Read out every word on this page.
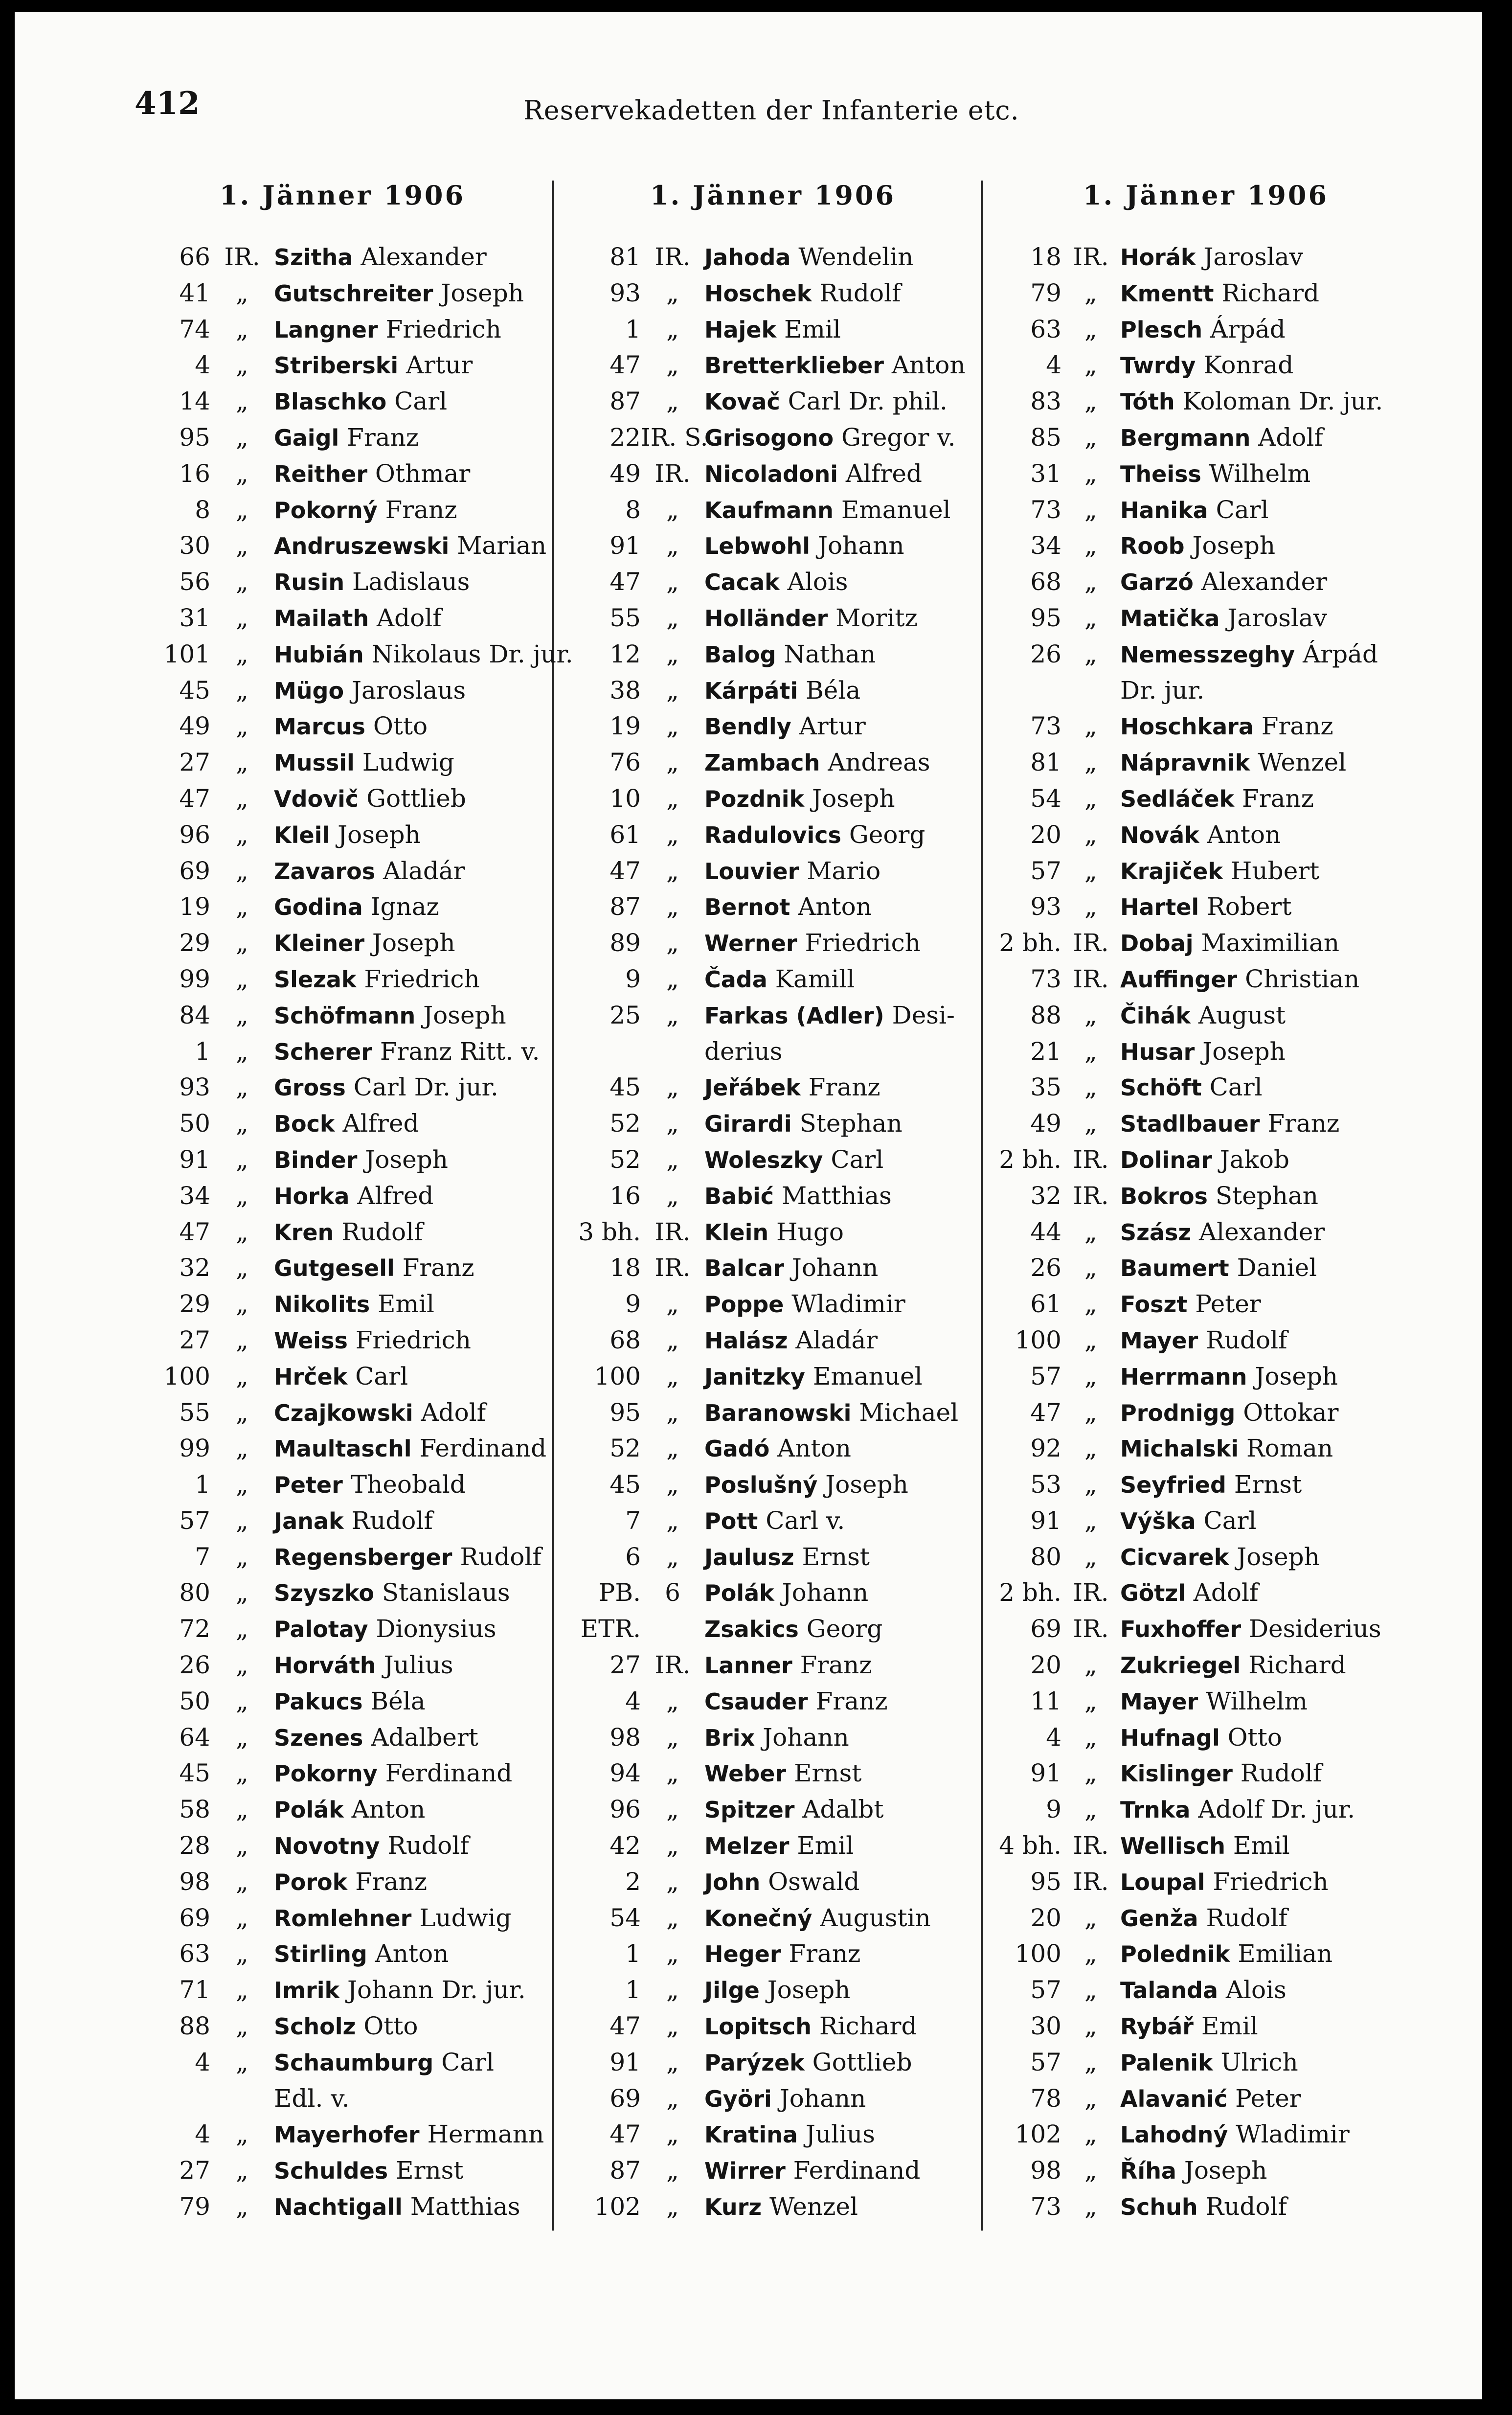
412	Reservekadetten der Infanterie etc.
1. Jänner 1906
66 IR. Szitha Alexander
41 „ Gutschreiter Joseph
74 „ Langner Friedrich
4 „ Striberski Artur
14 „ Blaschko Carl
95 „ Gaigl Franz
16 „ Reither Othmar
8 „ Pokorný Franz
30 „ Andruszewski Marian
56 „ Rusin Ladislaus
31 „ Mailath Adolf
101 „ Hubián Nikolaus Dr. jur.
45 „ Mügo Jaroslaus
49 „ Marcus Otto
27 „ Mussil Ludwig
47 „ Vdovič Gottlieb
96 „ Kleil Joseph
69 „ Zavaros Aladár
19 „ Godina Ignaz
29 „ Kleiner Joseph
99 „ Slezak Friedrich
84 „ Schöfmann Joseph
1 „ Scherer Franz Ritt. v.
93 „ Gross Carl Dr. jur.
50 „ Bock Alfred
91 „ Binder Joseph
34 „ Horka Alfred
47 „ Kren Rudolf
32 „ Gutgesell Franz
29 „ Nikolits Emil
27 „ Weiss Friedrich
100 „ Hrček Carl
55 „ Czajkowski Adolf
99 „ Maultaschl Ferdinand
1 „ Peter Theobald
57 „ Janak Rudolf
7 „ Regensberger Rudolf
80 „ Szyszko Stanislaus
72 „ Palotay Dionysius
26 „ Horváth Julius
50 „ Pakucs Béla
64 „ Szenes Adalbert
45 „ Pokorny Ferdinand
58 „ Polák Anton
28 „ Novotny Rudolf
98 „ Porok Franz
69 „ Romlehner Ludwig
63 „ Stirling Anton
71 „ Imrik Johann Dr. jur.
88 „ Scholz Otto
4 „ Schaumburg Carl
Edl. v.
4 „ Mayerhofer Hermann
27 „ Schuldes Ernst
79 „ Nachtigall Matthias
1. Jänner 1906
81 IR. Jahoda Wendelin
93 „ Hoschek Rudolf
1 „ Hajek Emil
47 „ Bretterklieber Anton
87 „ Kovač Carl Dr. phil.
22IR. S.Grisogono Gregor v.
49 IR. Nicoladoni Alfred
8 „ Kaufmann Emanuel
91 „ Lebwohl Johann
47 „ Cacak Alois
55 „ Holländer Moritz
12 „ Balog Nathan
38 „ Kárpáti Béla
19 „ Bendly Artur
76 „ Zambach Andreas
10 „ Pozdnik Joseph
61 „ Radulovics Georg
47 „ Louvier Mario
87 „ Bernot Anton
89 „ Werner Friedrich
9 „ Čada Kamill
25 „ Farkas (Adler) Desi-
derius
45 „ Jeřábek Franz
52 „ Girardi Stephan
52 „ Woleszky Carl
16 „ Babić Matthias
3 bh. IR. Klein Hugo
18 IR. Balcar Johann
9 „ Poppe Wladimir
68 „ Halász Aladár
100 „ Janitzky Emanuel
95 „ Baranowski Michael
52 „ Gadó Anton
45 „ Poslušný Joseph
7 „ Pott Carl v.
6 „ Jaulusz Ernst
PB. 6 Polák Johann
ETR.	Zsakics Georg
27 IR. Lanner Franz
4 „ Csauder Franz
98 „ Brix Johann
94 „ Weber Ernst
96 „ Spitzer Adalbt
42 „ Melzer Emil
2 „ John Oswald
54 „ Konečný Augustin
1 „ Heger Franz
1 „ Jilge Joseph
47 „ Lopitsch Richard
91 „ Parýzek Gottlieb
69 „ Györi Johann
47 „ Kratina Julius
87 „ Wirrer Ferdinand
102 „ Kurz Wenzel
1. Jänner 1906
18 IR. Horák Jaroslav
79 „ Kmentt Richard
63 „ Plesch Árpád
4 „ Twrdy Konrad
83 „ Tóth Koloman Dr. jur.
85 „ Bergmann Adolf
31 „ Theiss Wilhelm
73 „ Hanika Carl
34 „ Roob Joseph
68 „ Garzó Alexander
95 „ Matička Jaroslav
26 „ Nemesszeghy Árpád
Dr. jur.
73 „ Hoschkara Franz
81 „ Nápravnik Wenzel
54 „ Sedláček Franz
20 „ Novák Anton
57 „ Krajiček Hubert
93 „ Hartel Robert
2 bh. IR. Dobaj Maximilian
73 IR. Auffinger Christian
88 „ Čihák August
21 „ Husar Joseph
35 „ Schöft Carl
49 „ Stadlbauer Franz
2 bh. IR. Dolinar Jakob
32 IR. Bokros Stephan
44 „ Szász Alexander
26 „ Baumert Daniel
61 „ Foszt Peter
100 „ Mayer Rudolf
57 „ Herrmann Joseph
47 „ Prodnigg Ottokar
92 „ Michalski Roman
53 „ Seyfried Ernst
91 „ Výška Carl
80 „ Cicvarek Joseph
2 bh. IR. Götzl Adolf
69 IR. Fuxhoffer Desiderius
20 „ Zukriegel Richard
11 „ Mayer Wilhelm
4 „ Hufnagl Otto
91 „ Kislinger Rudolf
9 „ Trnka Adolf Dr. jur.
4 bh. IR. Wellisch Emil
95 IR. Loupal Friedrich
20 „ Genža Rudolf
100 „ Polednik Emilian
57 „ Talanda Alois
30 „ Rybář Emil
57 „ Palenik Ulrich
78 „ Alavanić Peter
102 „ Lahodný Wladimir
98 „ Říha Joseph
73 „ Schuh Rudolf
